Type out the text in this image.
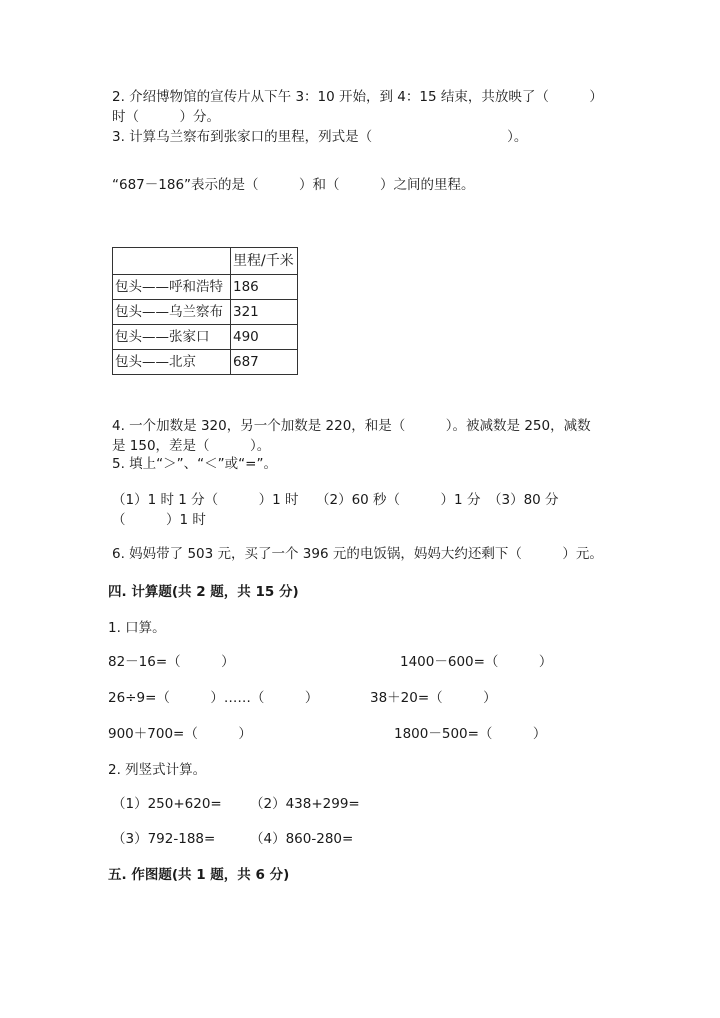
2. 介绍博物馆的宣传片从下午 3：10 开始，到 4：15 结束，共放映了（　　　）
时（　　　）分。
3. 计算乌兰察布到张家口的里程，列式是（　　　　　　　　　　）。
“687－186”表示的是（　　　）和（　　　）之间的里程。
	里程/千米
包头——呼和浩特	186
包头——乌兰察布	321
包头——张家口	490
包头——北京	687
4. 一个加数是 320，另一个加数是 220，和是（　　　）。被减数是 250，减数
是 150，差是（　　　）。
5. 填上“＞”、“＜”或“=”。
（1）1 时 1 分（　　　）1 时 （2）60 秒（　　　）1 分 （3）80 分
（　　　）1 时
6. 妈妈带了 503 元，买了一个 396 元的电饭锅，妈妈大约还剩下（　　　）元。
四. 计算题(共 2 题，共 15 分)
1. 口算。
82－16=（　　　）	1400－600=（　　　）
26÷9=（　　　）……（　　　）	38＋20=（　　　）
900＋700=（　　　）	1800－500=（　　　）
2. 列竖式计算。
（1）250+620= （2）438+299=
（3）792-188=	（4）860-280=
五. 作图题(共 1 题，共 6 分)
